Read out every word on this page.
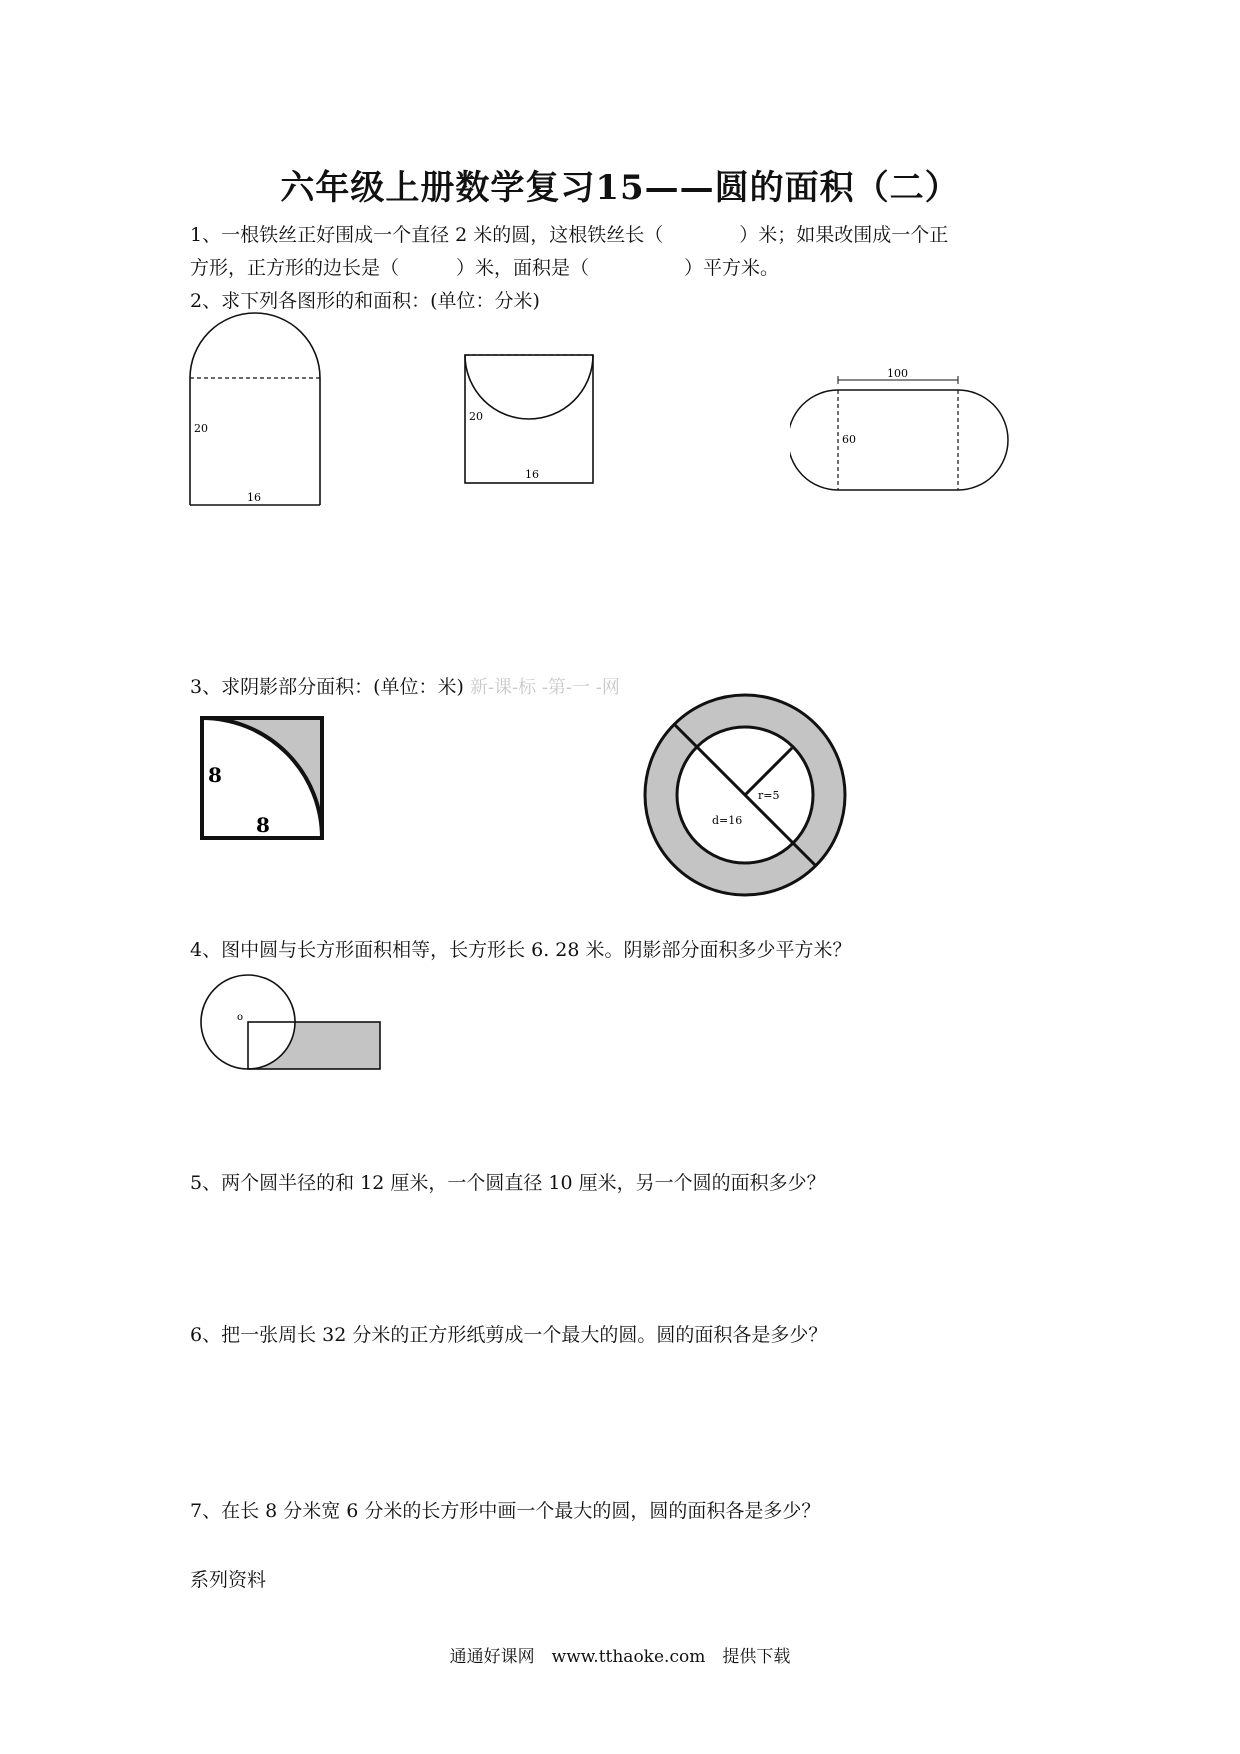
六年级上册数学复习15——圆的面积（二）
1、一根铁丝正好围成一个直径 2 米的圆，这根铁丝长（　　　　）米；如果改围成一个正
方形，正方形的边长是（　　　）米，面积是（　　　　　）平方米。
2、求下列各图形的和面积：(单位：分米)
20
16
20
16
100
60
3、求阴影部分面积：(单位：米) 新-课-标 -第-一 -网
8
8
r=5
d=16
4、图中圆与长方形面积相等，长方形长 6. 28 米。阴影部分面积多少平方米？
o
5、两个圆半径的和 12 厘米，一个圆直径 10 厘米，另一个圆的面积多少？
6、把一张周长 32 分米的正方形纸剪成一个最大的圆。圆的面积各是多少？
7、在长 8 分米宽 6 分米的长方形中画一个最大的圆，圆的面积各是多少？
系列资料
通通好课网　www.tthaoke.com　提供下载
